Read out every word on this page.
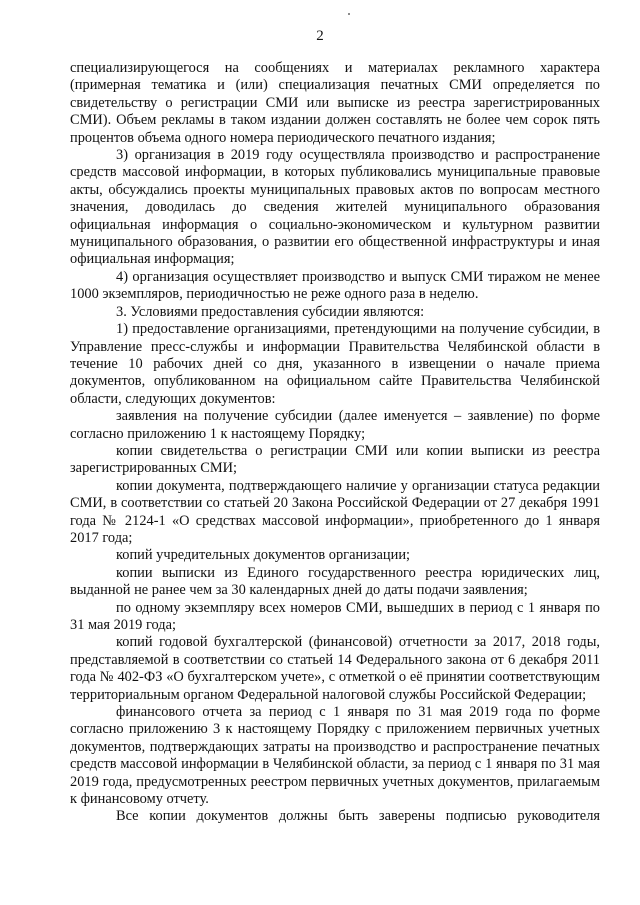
2

специализирующегося на сообщениях и материалах рекламного характера (примерная тематика и (или) специализация печатных СМИ определяется по свидетельству о регистрации СМИ или выписке из реестра зарегистрированных СМИ). Объем рекламы в таком издании должен составлять не более чем сорок пять процентов объема одного номера периодического печатного издания;

3) организация в 2019 году осуществляла производство и распространение средств массовой информации, в которых публиковались муниципальные правовые акты, обсуждались проекты муниципальных правовых актов по вопросам местного значения, доводилась до сведения жителей муниципального образования официальная информация о социально-экономическом и культурном развитии муниципального образования, о развитии его общественной инфраструктуры и иная официальная информация;

4) организация осуществляет производство и выпуск СМИ тиражом не менее 1000 экземпляров, периодичностью не реже одного раза в неделю.

3. Условиями предоставления субсидии являются:

1) предоставление организациями, претендующими на получение субсидии, в Управление пресс-службы и информации Правительства Челябинской области в течение 10 рабочих дней со дня, указанного в извещении о начале приема документов, опубликованном на официальном сайте Правительства Челябинской области, следующих документов:

заявления на получение субсидии (далее именуется – заявление) по форме согласно приложению 1 к настоящему Порядку;

копии свидетельства о регистрации СМИ или копии выписки из реестра зарегистрированных СМИ;

копии документа, подтверждающего наличие у организации статуса редакции СМИ, в соответствии со статьей 20 Закона Российской Федерации от 27 декабря 1991 года № 2124-1 «О средствах массовой информации», приобретенного до 1 января 2017 года;

копий учредительных документов организации;

копии выписки из Единого государственного реестра юридических лиц, выданной не ранее чем за 30 календарных дней до даты подачи заявления;

по одному экземпляру всех номеров СМИ, вышедших в период с 1 января по 31 мая 2019 года;

копий годовой бухгалтерской (финансовой) отчетности за 2017, 2018 годы, представляемой в соответствии со статьей 14 Федерального закона от 6 декабря 2011 года № 402-ФЗ «О бухгалтерском учете», с отметкой о её принятии соответствующим территориальным органом Федеральной налоговой службы Российской Федерации;

финансового отчета за период с 1 января по 31 мая 2019 года по форме согласно приложению 3 к настоящему Порядку с приложением первичных учетных документов, подтверждающих затраты на производство и распространение печатных средств массовой информации в Челябинской области, за период с 1 января по 31 мая 2019 года, предусмотренных реестром первичных учетных документов, прилагаемым к финансовому отчету.

Все копии документов должны быть заверены подписью руководителя
